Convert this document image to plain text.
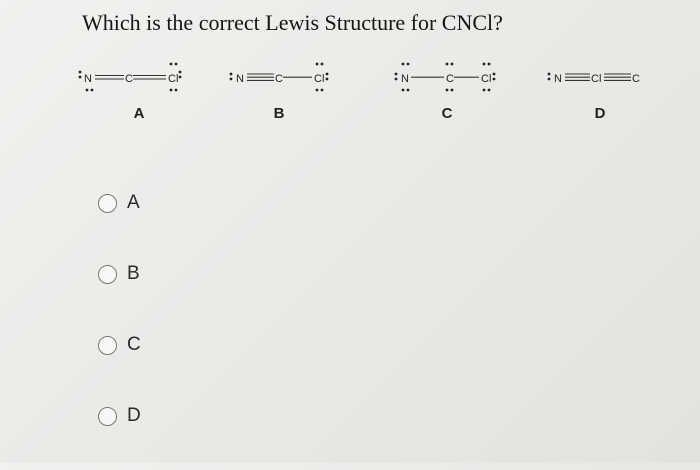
Which is the correct Lewis Structure for CNCl?
N	C	Cl	N	C	Cl	N	C Cl	N	Cl	C
A	B	C	D
A
B
C
D
